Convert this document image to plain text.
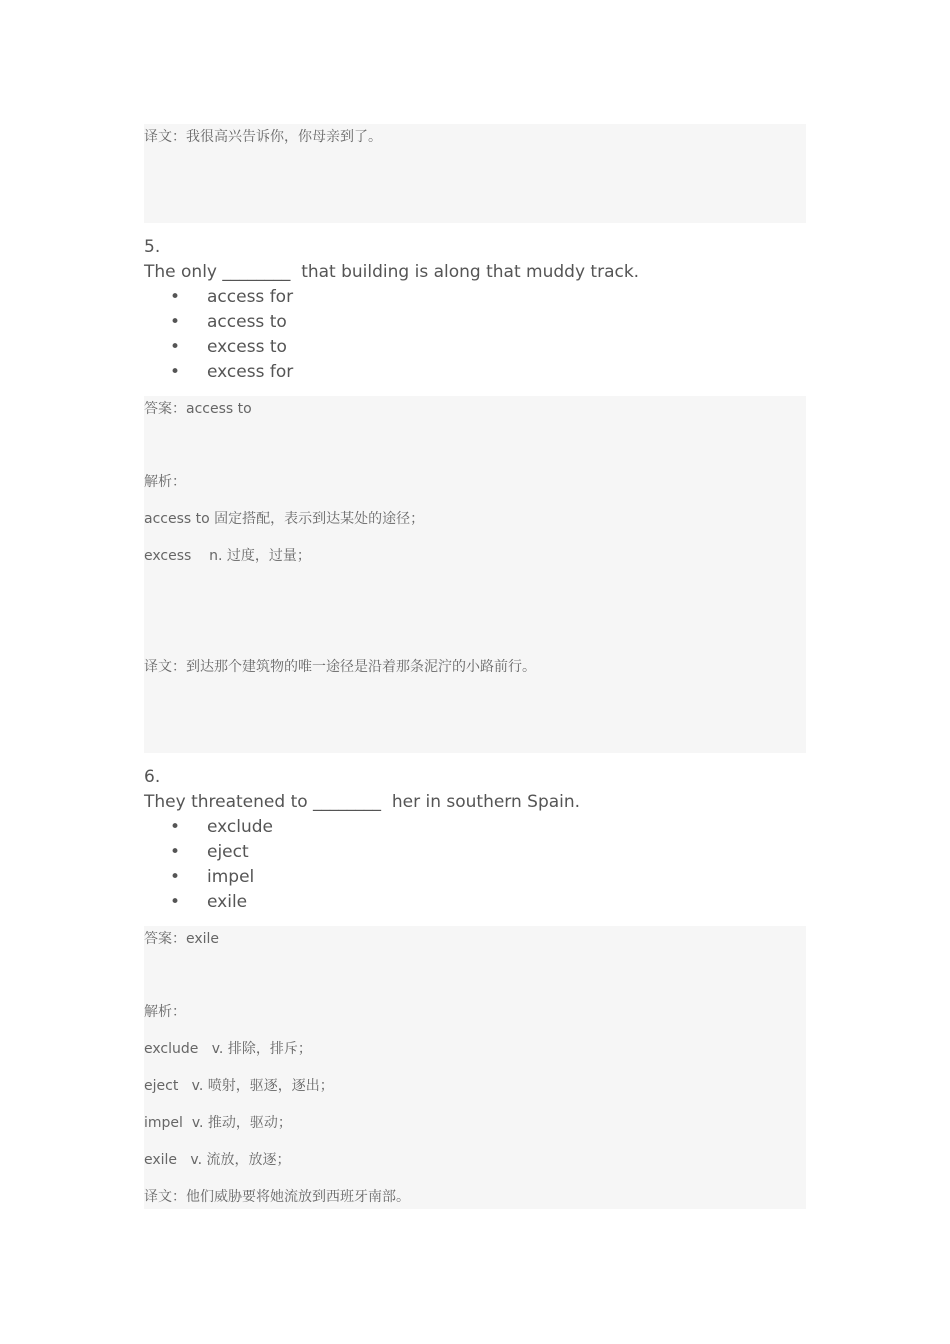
译文：我很高兴告诉你，你母亲到了。
5.
The only ________  that building is along that muddy track.
• access for
• access to
• excess to
• excess for
答案：access to
解析：
access to 固定搭配，表示到达某处的途径；
excess    n. 过度，过量；
译文：到达那个建筑物的唯一途径是沿着那条泥泞的小路前行。
6.
They threatened to ________  her in southern Spain.
• exclude
• eject
• impel
• exile
答案：exile
解析：
exclude   v. 排除，排斥；
eject   v. 喷射，驱逐，逐出；
impel  v. 推动，驱动；
exile   v. 流放，放逐；
译文：他们威胁要将她流放到西班牙南部。
